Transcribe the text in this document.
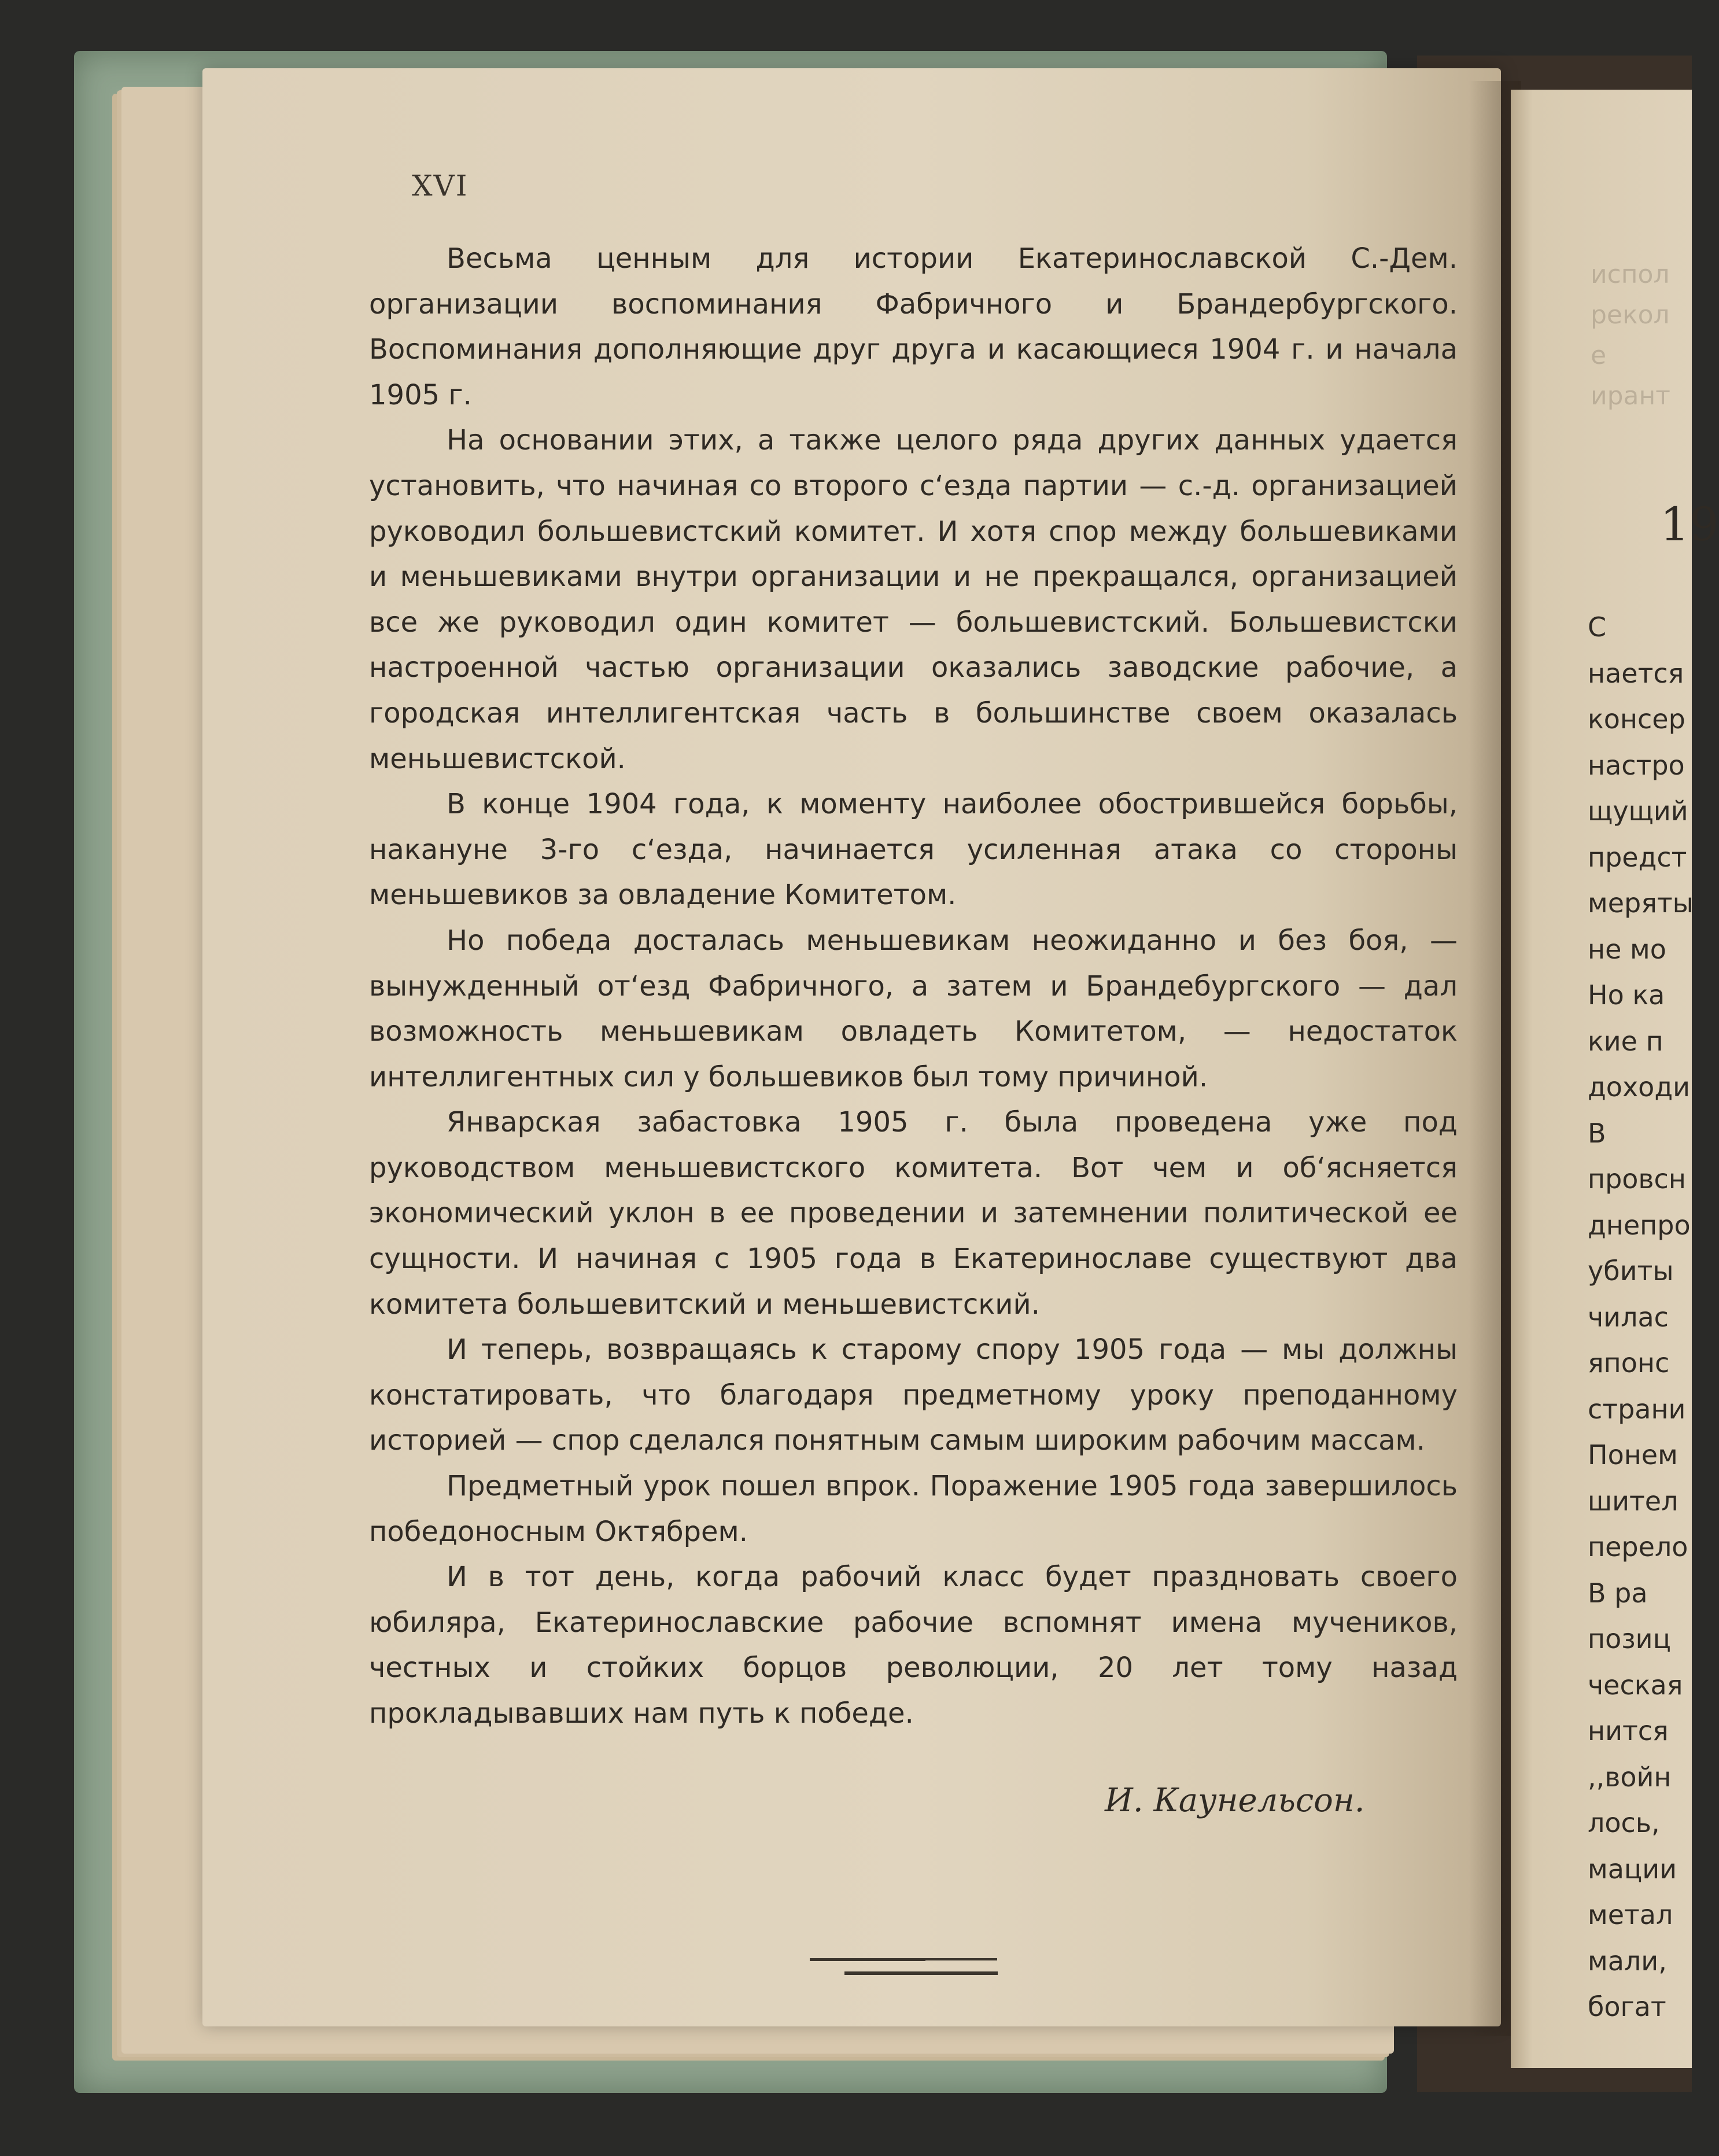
XVI

Весьма ценным для истории Екатеринославской С.-Дем. организации воспоминания Фабричного и Брандербургского. Воспоминания дополняющие друг друга и касающиеся 1904 г. и начала 1905 г.

На основании этих, а также целого ряда других данных удается установить, что начиная со второго с‘езда партии — с.-д. организацией руководил большевистский комитет. И хотя спор между большевиками и меньшевиками внутри организации и не прекращался, организацией все же руководил один комитет — большевистский. Большевистски настроенной частью организации оказались заводские рабочие, а городская интеллигентская часть в большинстве своем оказалась меньшевистской.

В конце 1904 года, к моменту наиболее обострившейся борьбы, накануне 3-го с‘езда, начинается усиленная атака со стороны меньшевиков за овладение Комитетом.

Но победа досталась меньшевикам неожиданно и без боя, — вынужденный от‘езд Фабричного, а затем и Брандебургского — дал возможность меньшевикам овладеть Комитетом, — недостаток интеллигентных сил у большевиков был тому причиной.

Январская забастовка 1905 г. была проведена уже под руководством меньшевистского комитета. Вот чем и об‘ясняется экономический уклон в ее проведении и затемнении политической ее сущности. И начиная с 1905 года в Екатеринославе существуют два комитета большевитский и меньшевистский.

И теперь, возвращаясь к старому спору 1905 года — мы должны констатировать, что благодаря предметному уроку преподанному историей — спор сделался понятным самым широким рабочим массам.

Предметный урок пошел впрок. Поражение 1905 года завершилось победоносным Октябрем.

И в тот день, когда рабочий класс будет праздновать своего юбиляра, Екатеринославские рабочие вспомнят имена мучеников, честных и стойких борцов революции, 20 лет тому назад прокладывавших нам путь к победе.

И. Каунельсон.
испол
рекол
е
ирант
19
С
нается
консер
настро
щущий
предст
меряты
не мо
Но ка
кие п
доходи
В
провсн
днепро
убиты
чилас
японс
страни
Понем
шител
перело
В ра
позиц
ческая
нится
,,войн
лось,
мации
метал
мали,
богат
